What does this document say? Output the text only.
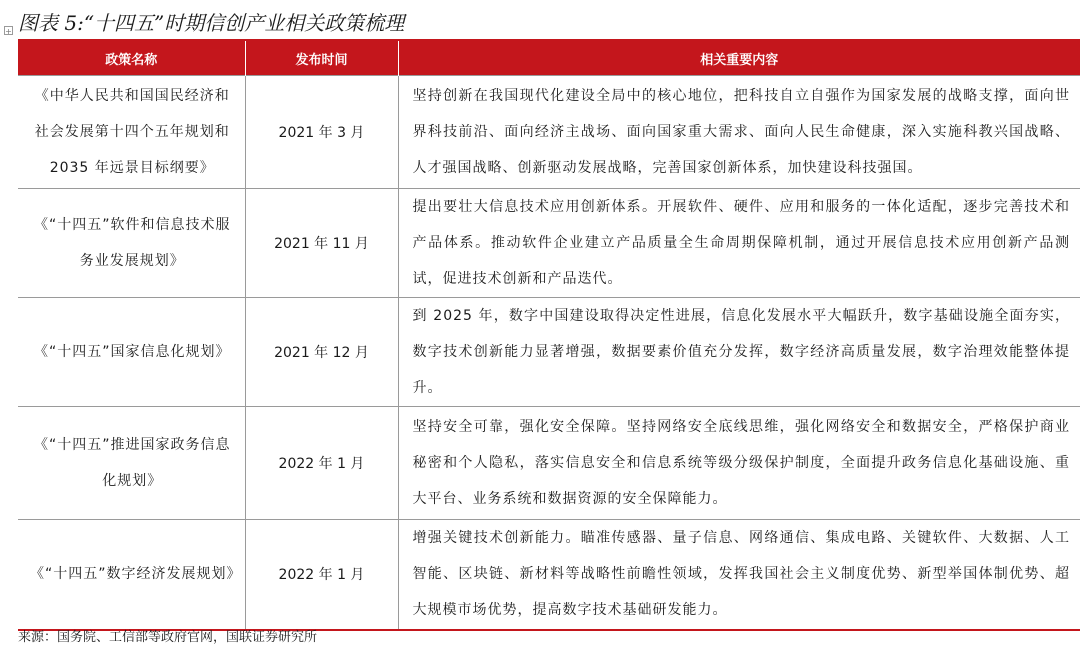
+ 图表 5:“十四五”时期信创产业相关政策梳理
政策名称	发布时间	相关重要内容
《中华人民共和国国民经济和社会发展第十四个五年规划和 2035 年远景目标纲要》	2021 年 3 月	坚持创新在我国现代化建设全局中的核心地位，把科技自立自强作为国家发展的战略支撑，面向世界科技前沿、面向经济主战场、面向国家重大需求、面向人民生命健康，深入实施科教兴国战略、人才强国战略、创新驱动发展战略，完善国家创新体系，加快建设科技强国。
《“十四五”软件和信息技术服务业发展规划》	2021 年 11 月	提出要壮大信息技术应用创新体系。开展软件、硬件、应用和服务的一体化适配，逐步完善技术和产品体系。推动软件企业建立产品质量全生命周期保障机制，通过开展信息技术应用创新产品测试，促进技术创新和产品迭代。
《“十四五”国家信息化规划》	2021 年 12 月	到 2025 年，数字中国建设取得决定性进展，信息化发展水平大幅跃升，数字基础设施全面夯实，数字技术创新能力显著增强，数据要素价值充分发挥，数字经济高质量发展，数字治理效能整体提升。
《“十四五”推进国家政务信息化规划》	2022 年 1 月	坚持安全可靠，强化安全保障。坚持网络安全底线思维，强化网络安全和数据安全，严格保护商业秘密和个人隐私，落实信息安全和信息系统等级分级保护制度，全面提升政务信息化基础设施、重大平台、业务系统和数据资源的安全保障能力。
《“十四五”数字经济发展规划》	2022 年 1 月	增强关键技术创新能力。瞄准传感器、量子信息、网络通信、集成电路、关键软件、大数据、人工智能、区块链、新材料等战略性前瞻性领域，发挥我国社会主义制度优势、新型举国体制优势、超大规模市场优势，提高数字技术基础研发能力。
来源：国务院、工信部等政府官网，国联证券研究所
